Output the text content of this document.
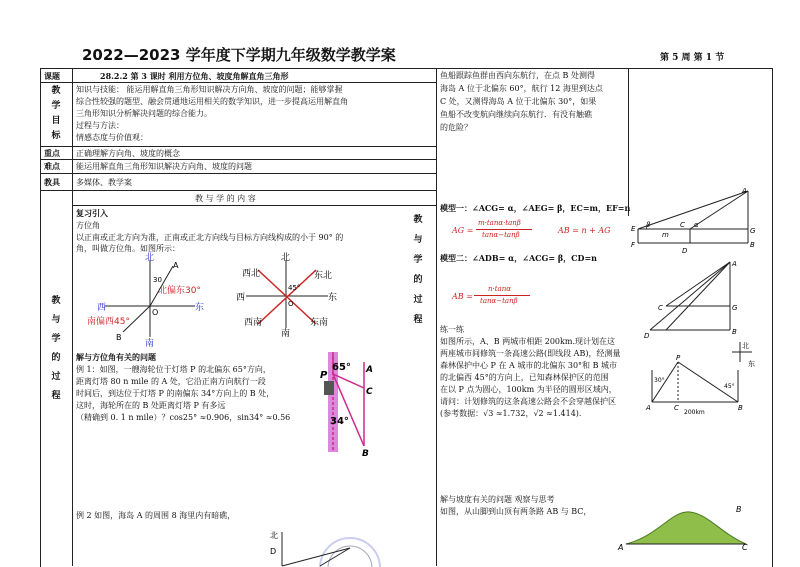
2022—2023 学年度下学期九年级数学教学案	第 5 周 第 1 节
课题	28.2.2 第 3 课时 利用方位角、坡度角解直角三角形
教
学
目
标
知识与技能： 能运用解直角三角形知识解决方向角、坡度的问题；能够掌握
综合性较强的题型、融会贯通地运用相关的数学知识，进一步提高运用解直角
三角形知识分析解决问题的综合能力。
过程与方法：
情感态度与价值观：
重点 正确理解方向角、坡度的概念
难点 能运用解直角三角形知识解决方向角、坡度的问题
教具 多媒体、教学案
教 与 学 的 内 容
教
与
学
的
过
程
复习引入
方位角
以正南或正北方向为准，正南或正北方向线与目标方向线构成的小于 90° 的
角，叫做方位角。如图所示：
北
南
东
西
A
B
O
30
北偏东30°
南偏西45°
北
南
东
西
西北	东北
45°
O
西南	东南
解与方位角有关的问题
例 1：如图，一艘海轮位于灯塔 P 的北偏东 65°方向，
距离灯塔 80 n mile 的 A 处，它沿正南方向航行一段
时间后，到达位于灯塔 P 的南偏东 34°方向上的 B 处，
这时，海轮所在的 B 处距离灯塔 P 有多远
（精确到 0. 1 n mile）？cos25° ≈0.906，sin34° ≈0.56
65°
P	A
C
34°
B
例 2 如图，海岛 A 的周围 8 海里内有暗礁，
北
D
鱼船跟踪鱼群由西向东航行，在点 B 处测得
海岛 A 位于北偏东 60°，航行 12 海里到达点
C 处，又测得海岛 A 位于北偏东 30°，如果
鱼船不改变航向继续向东航行．有没有触礁
的危险？
教
与
学
的
过
程
模型一：∠ACG= α，∠AEG= β，EC=m，EF=n
AG =
m·tanα·tanβ
tanα−tanβ	AB = n + AG
模型二：∠ADB= α，∠ACG= β，CD=n
AB =
n·tanα
tanα−tanβ
A
E
F
G
B
C
D
m
α
β
A
B
C
D
G
练一练
如图所示，A、B 两城市相距 200km.现计划在这
两座城市间修筑一条高速公路(即线段 AB)，经测量
森林保护中心 P 在 A 城市的北偏东 30°和 B 城市
的北偏西 45°的方向上，已知森林保护区的范围
在以 P 点为圆心，100km 为半径的圆形区域内，
请问：计划修筑的这条高速公路会不会穿越保护区
(参考数据：√3 ≈1.732，√2 ≈1.414).
北
东
P
A	B
C
30°
45°
200km
解与坡度有关的问题 观察与思考
如图，从山脚到山顶有两条路 AB 与 BC，
A
B
C
